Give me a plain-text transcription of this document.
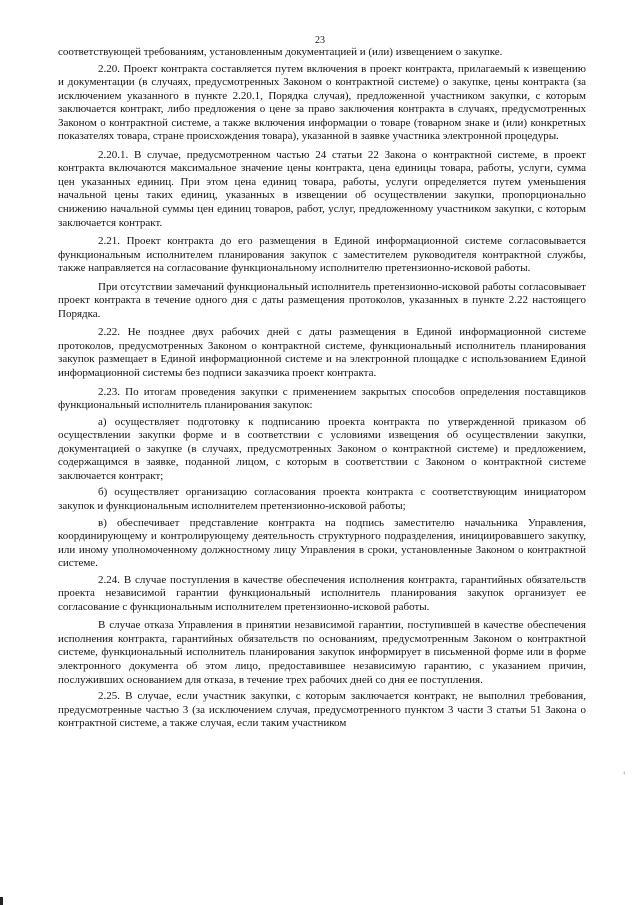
23

соответствующей требованиям, установленным документацией и (или) извещением о закупке.

2.20. Проект контракта составляется путем включения в проект контракта, прилагаемый к извещению и документации (в случаях, предусмотренных Законом о контрактной системе) о закупке, цены контракта (за исключением указанного в пункте 2.20.1, Порядка случая), предложенной участником закупки, с которым заключается контракт, либо предложения о цене за право заключения контракта в случаях, предусмотренных Законом о контрактной системе, а также включения информации о товаре (товарном знаке и (или) конкретных показателях товара, стране происхождения товара), указанной в заявке участника электронной процедуры.

2.20.1. В случае, предусмотренном частью 24 статьи 22 Закона о контрактной системе, в проект контракта включаются максимальное значение цены контракта, цена единицы товара, работы, услуги, сумма цен указанных единиц. При этом цена единиц товара, работы, услуги определяется путем уменьшения начальной цены таких единиц, указанных в извещении об осуществлении закупки, пропорционально снижению начальной суммы цен единиц товаров, работ, услуг, предложенному участником закупки, с которым заключается контракт.

2.21. Проект контракта до его размещения в Единой информационной системе согласовывается функциональным исполнителем планирования закупок с заместителем руководителя контрактной службы, также направляется на согласование функциональному исполнителю претензионно-исковой работы.

При отсутствии замечаний функциональный исполнитель претензионно-исковой работы согласовывает проект контракта в течение одного дня с даты размещения протоколов, указанных в пункте 2.22 настоящего Порядка.

2.22. Не позднее двух рабочих дней с даты размещения в Единой информационной системе протоколов, предусмотренных Законом о контрактной системе, функциональный исполнитель планирования закупок размещает в Единой информационной системе и на электронной площадке с использованием Единой информационной системы без подписи заказчика проект контракта.

2.23. По итогам проведения закупки с применением закрытых способов определения поставщиков функциональный исполнитель планирования закупок:

а) осуществляет подготовку к подписанию проекта контракта по утвержденной приказом об осуществлении закупки форме и в соответствии с условиями извещения об осуществлении закупки, документацией о закупке (в случаях, предусмотренных Законом о контрактной системе) и предложением, содержащимся в заявке, поданной лицом, с которым в соответствии с Законом о контрактной системе заключается контракт;

б) осуществляет организацию согласования проекта контракта с соответствующим инициатором закупок и функциональным исполнителем претензионно-исковой работы;

в) обеспечивает представление контракта на подпись заместителю начальника Управления, координирующему и контролирующему деятельность структурного подразделения, инициировавшего закупку, или иному уполномоченному должностному лицу Управления в сроки, установленные Законом о контрактной системе.

2.24. В случае поступления в качестве обеспечения исполнения контракта, гарантийных обязательств проекта независимой гарантии функциональный исполнитель планирования закупок организует ее согласование с функциональным исполнителем претензионно-исковой работы.

В случае отказа Управления в принятии независимой гарантии, поступившей в качестве обеспечения исполнения контракта, гарантийных обязательств по основаниям, предусмотренным Законом о контрактной системе, функциональный исполнитель планирования закупок информирует в письменной форме или в форме электронного документа об этом лицо, предоставившее независимую гарантию, с указанием причин, послуживших основанием для отказа, в течение трех рабочих дней со дня ее поступления.

2.25. В случае, если участник закупки, с которым заключается контракт, не выполнил требования, предусмотренные частью 3 (за исключением случая, предусмотренного пунктом 3 части 3 статьи 51 Закона о контрактной системе, а также случая, если таким участником

‹
